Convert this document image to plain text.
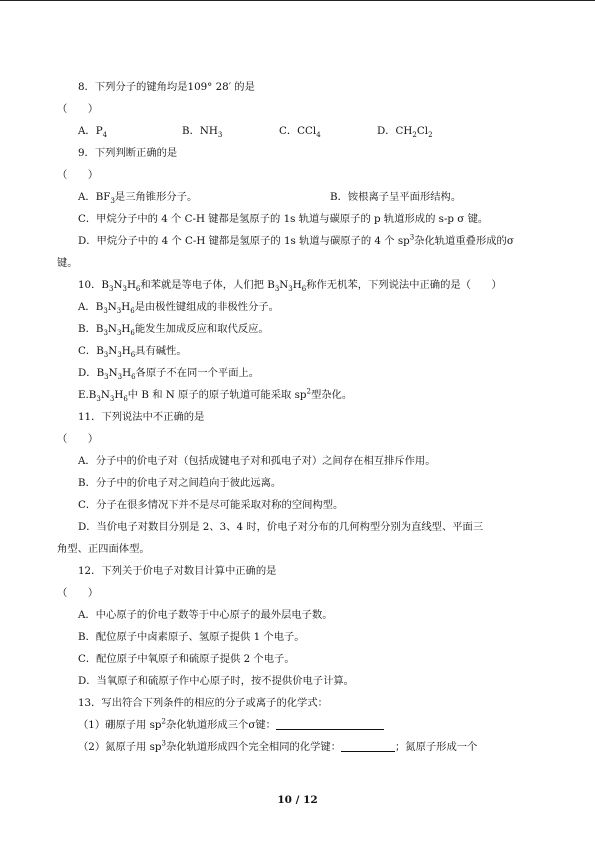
8．下列分子的键角均是109° 28′ 的是
（　　）
A．$P_4$	B．$NH_3$	C．CCl$_4$	D．$CH_2Cl_2$
9．下列判断正确的是
（　　）
A．$BF_3$是三角锥形分子。	B．铵根离子呈平面形结构。
C．甲烷分子中的 4 个 C-H 键都是氢原子的 1s 轨道与碳原子的 p 轨道形成的 s-p σ 键。
D．甲烷分子中的 4 个 C-H 键都是氢原子的 1s 轨道与碳原子的 4 个 $sp^3$杂化轨道重叠形成的σ
键。
10．$B_3N_3H_6$和苯就是等电子体，人们把 $B_3N_3H_6$称作无机苯，下列说法中正确的是（　　）
A．$B_3N_3H_6$是由极性键组成的非极性分子。
B．$B_3N_3H_6$能发生加成反应和取代反应。
C．$B_3N_3H_6$具有碱性。
D．$B_3N_3H_6$各原子不在同一个平面上。
$E.B_3N_3H_6$中 B 和 N 原子的原子轨道可能采取 $sp^2$型杂化。
11．下列说法中不正确的是
（　　）
A．分子中的价电子对（包括成键电子对和孤电子对）之间存在相互排斥作用。
B．分子中的价电子对之间趋向于彼此远离。
C．分子在很多情况下并不是尽可能采取对称的空间构型。
D．当价电子对数目分别是 2、3、4 时，价电子对分布的几何构型分别为直线型、平面三
角型、正四面体型。
12．下列关于价电子对数目计算中正确的是
（　　）
A．中心原子的价电子数等于中心原子的最外层电子数。
B．配位原子中卤素原子、氢原子提供 1 个电子。
C．配位原子中氧原子和硫原子提供 2 个电子。
D．当氧原子和硫原子作中心原子时，按不提供价电子计算。
13．写出符合下列条件的相应的分子或离子的化学式：
（1）硼原子用 $sp^2$杂化轨道形成三个σ键：
（2）氮原子用 $sp^3$杂化轨道形成四个完全相同的化学键：	；氮原子形成一个
10 / 12
